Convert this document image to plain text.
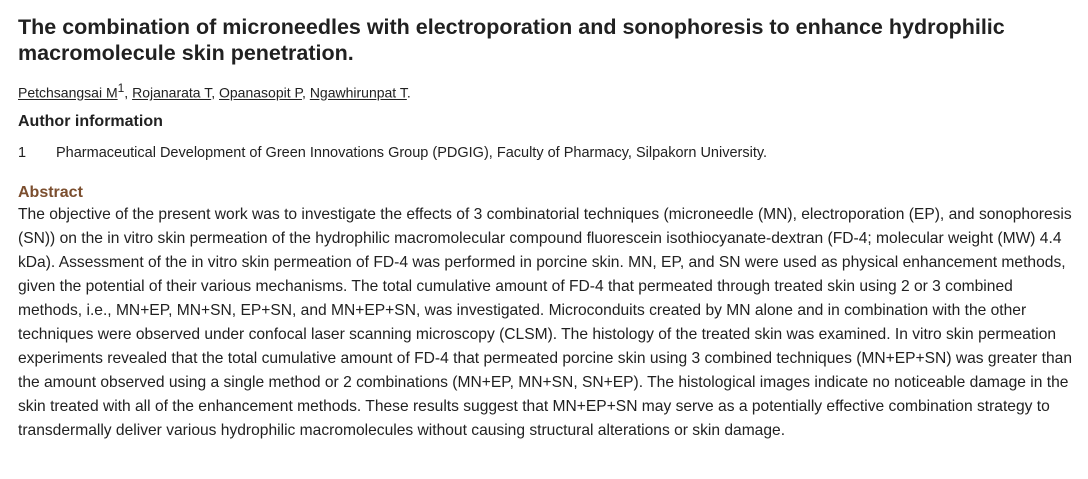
The combination of microneedles with electroporation and sonophoresis to enhance hydrophilic macromolecule skin penetration.
Petchsangsai $M^1$, Rojanarata T, Opanasopit P, Ngawhirunpat T.
Author information
1	Pharmaceutical Development of Green Innovations Group (PDGIG), Faculty of Pharmacy, Silpakorn University.
Abstract

The objective of the present work was to investigate the effects of 3 combinatorial techniques (microneedle (MN), electroporation (EP), and sonophoresis (SN)) on the in vitro skin permeation of the hydrophilic macromolecular compound fluorescein isothiocyanate-dextran (FD-4; molecular weight (MW) 4.4 kDa). Assessment of the in vitro skin permeation of FD-4 was performed in porcine skin. MN, EP, and SN were used as physical enhancement methods, given the potential of their various mechanisms. The total cumulative amount of FD-4 that permeated through treated skin using 2 or 3 combined methods, i.e., MN+EP, MN+SN, EP+SN, and MN+EP+SN, was investigated. Microconduits created by MN alone and in combination with the other techniques were observed under confocal laser scanning microscopy (CLSM). The histology of the treated skin was examined. In vitro skin permeation experiments revealed that the total cumulative amount of FD-4 that permeated porcine skin using 3 combined techniques (MN+EP+SN) was greater than the amount observed using a single method or 2 combinations (MN+EP, MN+SN, SN+EP). The histological images indicate no noticeable damage in the skin treated with all of the enhancement methods. These results suggest that MN+EP+SN may serve as a potentially effective combination strategy to transdermally deliver various hydrophilic macromolecules without causing structural alterations or skin damage.
